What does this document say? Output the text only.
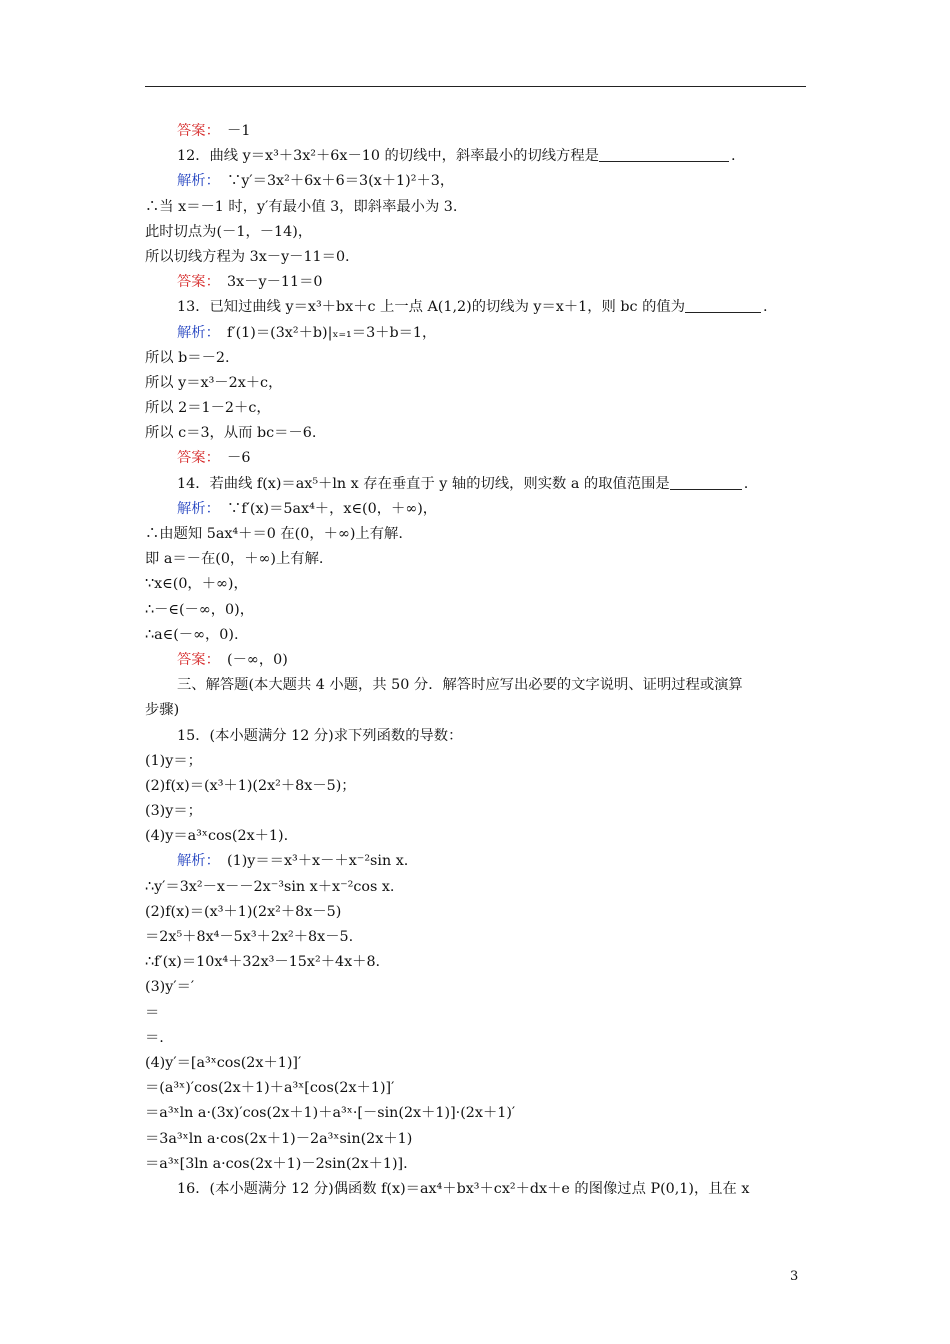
答案：　－1
12．曲线 y＝x³＋3x²＋6x－10 的切线中，斜率最小的切线方程是	.
解析：　∵y′＝3x²＋6x＋6＝3(x＋1)²＋3，
∴当 x＝－1 时，y′有最小值 3，即斜率最小为 3.
此时切点为(－1，－14)，
所以切线方程为 3x－y－11＝0.
答案：　3x－y－11＝0
13．已知过曲线 y＝x³＋bx＋c 上一点 A(1,2)的切线为 y＝x＋1，则 bc 的值为	.
解析：　f′(1)＝(3x²＋b)|ₓ₌₁＝3＋b＝1，
所以 b＝－2.
所以 y＝x³－2x＋c，
所以 2＝1－2＋c，
所以 c＝3，从而 bc＝－6.
答案：　－6
14．若曲线 f(x)＝ax⁵＋ln x 存在垂直于 y 轴的切线，则实数 a 的取值范围是	.
解析：　∵f′(x)＝5ax⁴＋，x∈(0，＋∞)，
∴由题知 5ax⁴＋＝0 在(0，＋∞)上有解.
即 a＝－在(0，＋∞)上有解.
∵x∈(0，＋∞)，
∴－∈(－∞，0)，
∴a∈(－∞，0).
答案：　(－∞，0)
三、解答题(本大题共 4 小题，共 50 分．解答时应写出必要的文字说明、证明过程或演算
步骤)
15．(本小题满分 12 分)求下列函数的导数：
(1)y＝；
(2)f(x)＝(x³＋1)(2x²＋8x－5)；
(3)y＝；
(4)y＝a³ˣcos(2x＋1).
解析：　(1)y＝＝x³＋x－＋x⁻²sin x.
∴y′＝3x²－x－－2x⁻³sin x＋x⁻²cos x.
(2)f(x)＝(x³＋1)(2x²＋8x－5)
＝2x⁵＋8x⁴－5x³＋2x²＋8x－5.
∴f′(x)＝10x⁴＋32x³－15x²＋4x＋8.
(3)y′＝′
＝
＝.
(4)y′＝[a³ˣcos(2x＋1)]′
＝(a³ˣ)′cos(2x＋1)＋a³ˣ[cos(2x＋1)]′
＝a³ˣln a·(3x)′cos(2x＋1)＋a³ˣ·[－sin(2x＋1)]·(2x＋1)′
＝3a³ˣln a·cos(2x＋1)－2a³ˣsin(2x＋1)
＝a³ˣ[3ln a·cos(2x＋1)－2sin(2x＋1)].
16．(本小题满分 12 分)偶函数 f(x)＝ax⁴＋bx³＋cx²＋dx＋e 的图像过点 P(0,1)，且在 x
3
